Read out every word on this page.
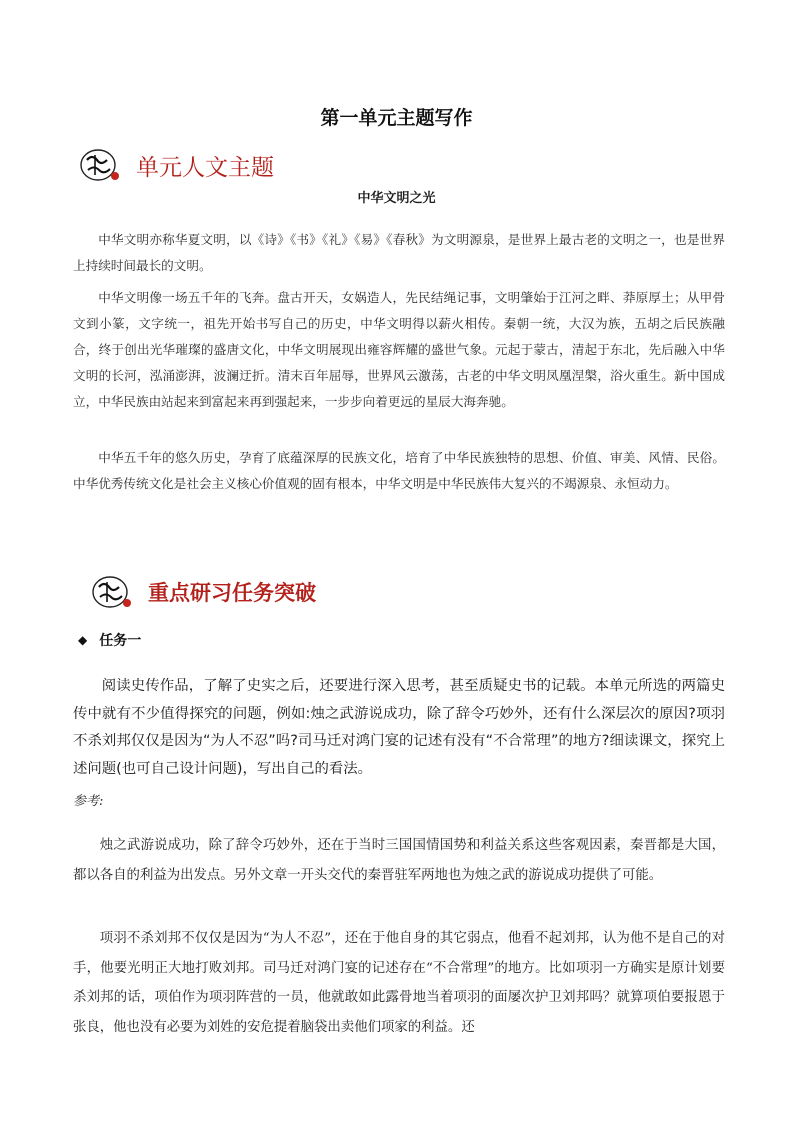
第一单元主题写作
单元人文主题
中华文明之光

中华文明亦称华夏文明，以《诗》《书》《礼》《易》《春秋》为文明源泉，是世界上最古老的文明之一，也是世界上持续时间最长的文明。

中华文明像一场五千年的飞奔。盘古开天，女娲造人，先民结绳记事，文明肇始于江河之畔、莽原厚土；从甲骨文到小篆，文字统一，祖先开始书写自己的历史，中华文明得以薪火相传。秦朝一统，大汉为族，五胡之后民族融合，终于创出光华璀璨的盛唐文化，中华文明展现出雍容辉耀的盛世气象。元起于蒙古，清起于东北，先后融入中华文明的长河，泓涌澎湃，波澜迂折。清末百年屈辱，世界风云激荡，古老的中华文明凤凰涅槃，浴火重生。新中国成立，中华民族由站起来到富起来再到强起来，一步步向着更远的星辰大海奔驰。

中华五千年的悠久历史，孕育了底蕴深厚的民族文化，培育了中华民族独特的思想、价值、审美、风情、民俗。中华优秀传统文化是社会主义核心价值观的固有根本，中华文明是中华民族伟大复兴的不竭源泉、永恒动力。

重点研习任务突破
◆ 任务一

阅读史传作品，了解了史实之后，还要进行深入思考，甚至质疑史书的记载。本单元所选的两篇史传中就有不少值得探究的问题，例如:烛之武游说成功，除了辞令巧妙外，还有什么深层次的原因?项羽不杀刘邦仅仅是因为“为人不忍”吗?司马迁对鸿门宴的记述有没有“不合常理”的地方?细读课文，探究上述问题(也可自己设计问题)，写出自己的看法。

参考:

烛之武游说成功，除了辞令巧妙外，还在于当时三国国情国势和利益关系这些客观因素，秦晋都是大国，都以各自的利益为出发点。另外文章一开头交代的秦晋驻军两地也为烛之武的游说成功提供了可能。

项羽不杀刘邦不仅仅是因为“为人不忍”，还在于他自身的其它弱点，他看不起刘邦，认为他不是自己的对手，他要光明正大地打败刘邦。司马迁对鸿门宴的记述存在“不合常理”的地方。比如项羽一方确实是原计划要杀刘邦的话，项伯作为项羽阵营的一员，他就敢如此露骨地当着项羽的面屡次护卫刘邦吗？就算项伯要报恩于张良，他也没有必要为刘姓的安危提着脑袋出卖他们项家的利益。还
